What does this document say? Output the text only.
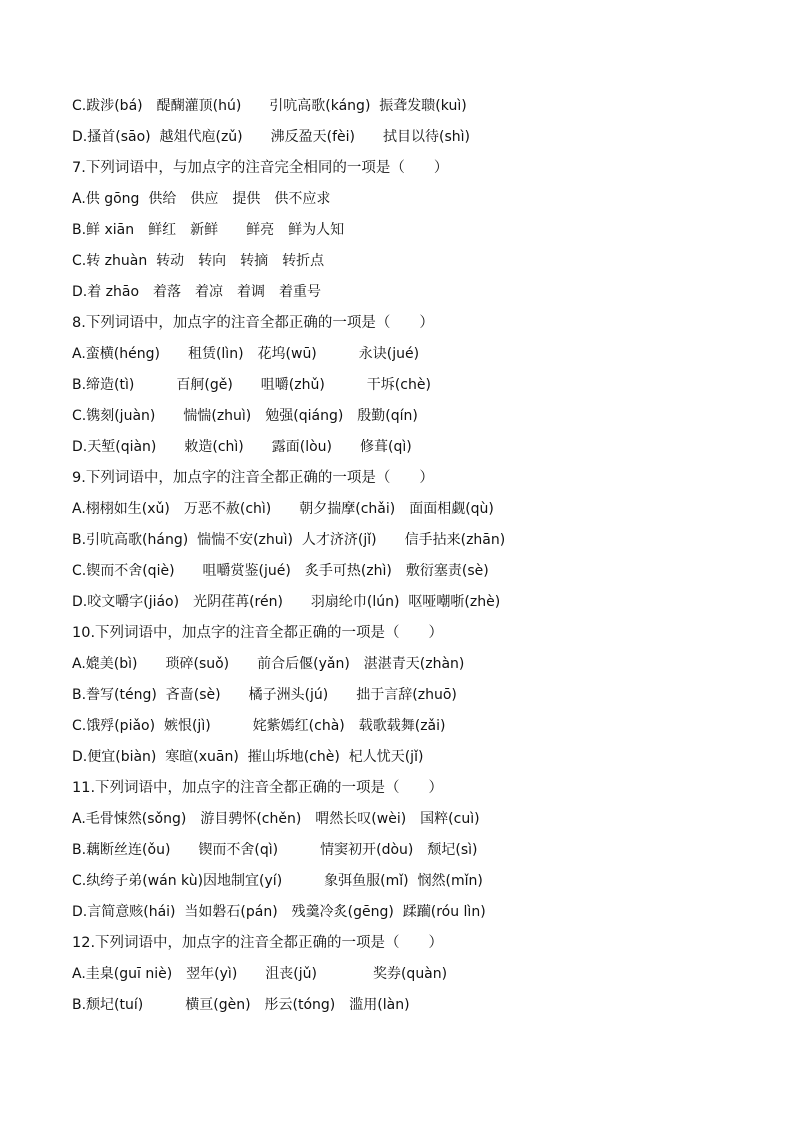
C.跋涉(bá)　醍醐灌顶(hú)　　引吭高歌(káng)  振聋发聩(kuì)
D.搔首(sāo)  越俎代庖(zǔ)　　沸反盈天(fèi)　　拭目以待(shì)
7.下列词语中，与加点字的注音完全相同的一项是（　　）
A.供 gōng  供给　供应　提供　供不应求
B.鲜 xiān　鲜红　新鲜　　鲜亮　鲜为人知
C.转 zhuàn  转动　转向　转摘　转折点
D.着 zhāo　着落　着凉　着调　着重号
8.下列词语中，加点字的注音全都正确的一项是（　　）
A.蛮横(héng)　　租赁(lìn)　花坞(wū)　　　永诀(jué)
B.缔造(tì)　　　百舸(gě)　　咀嚼(zhǔ)　　　干坼(chè)
C.镌刻(juàn)　　惴惴(zhuì)　勉强(qiáng)　殷勤(qín)
D.天堑(qiàn)　　敕造(chì)　　露面(lòu)　　修葺(qì)
9.下列词语中，加点字的注音全都正确的一项是（　　）
A.栩栩如生(xǔ)　万恶不赦(chì)　　朝夕揣摩(chǎi)　面面相觑(qù)
B.引吭高歌(háng)  惴惴不安(zhuì)  人才济济(jǐ)　　信手拈来(zhān)
C.锲而不舍(qiè)　　咀嚼赏鉴(jué)　炙手可热(zhì)　敷衍塞责(sè)
D.咬文嚼字(jiáo)　光阴荏苒(rén)　　羽扇纶巾(lún)  呕哑嘲哳(zhè)
10.下列词语中，加点字的注音全都正确的一项是（　　）
A.媲美(bì)　　琐碎(suǒ)　　前合后偃(yǎn)　湛湛青天(zhàn)
B.誊写(téng)  吝啬(sè)　　橘子洲头(jú)　　拙于言辞(zhuō)
C.饿殍(piǎo)  嫉恨(jì)　　　姹紫嫣红(chà)　载歌载舞(zǎi)
D.便宜(biàn)  寒暄(xuān)  摧山坼地(chè)  杞人忧天(jǐ)
11.下列词语中，加点字的注音全都正确的一项是（　　）
A.毛骨悚然(sǒng)　游目骋怀(chěn)　喟然长叹(wèi)　国粹(cuì)
B.藕断丝连(ǒu)　　锲而不舍(qì)　　　情窦初开(dòu)　颓圮(sì)
C.纨绔子弟(wán kù)因地制宜(yí)　　　象弭鱼服(mǐ)  悯然(mǐn)
D.言简意赅(hái)  当如磐石(pán)　残羹冷炙(gēng)  蹂躏(róu lìn)
12.下列词语中，加点字的注音全都正确的一项是（　　）
A.圭臬(guī niè)　翌年(yì)　　沮丧(jǔ)　　　　奖券(quàn)
B.颓圮(tuí)　　　横亘(gèn)　彤云(tóng)　滥用(làn)
